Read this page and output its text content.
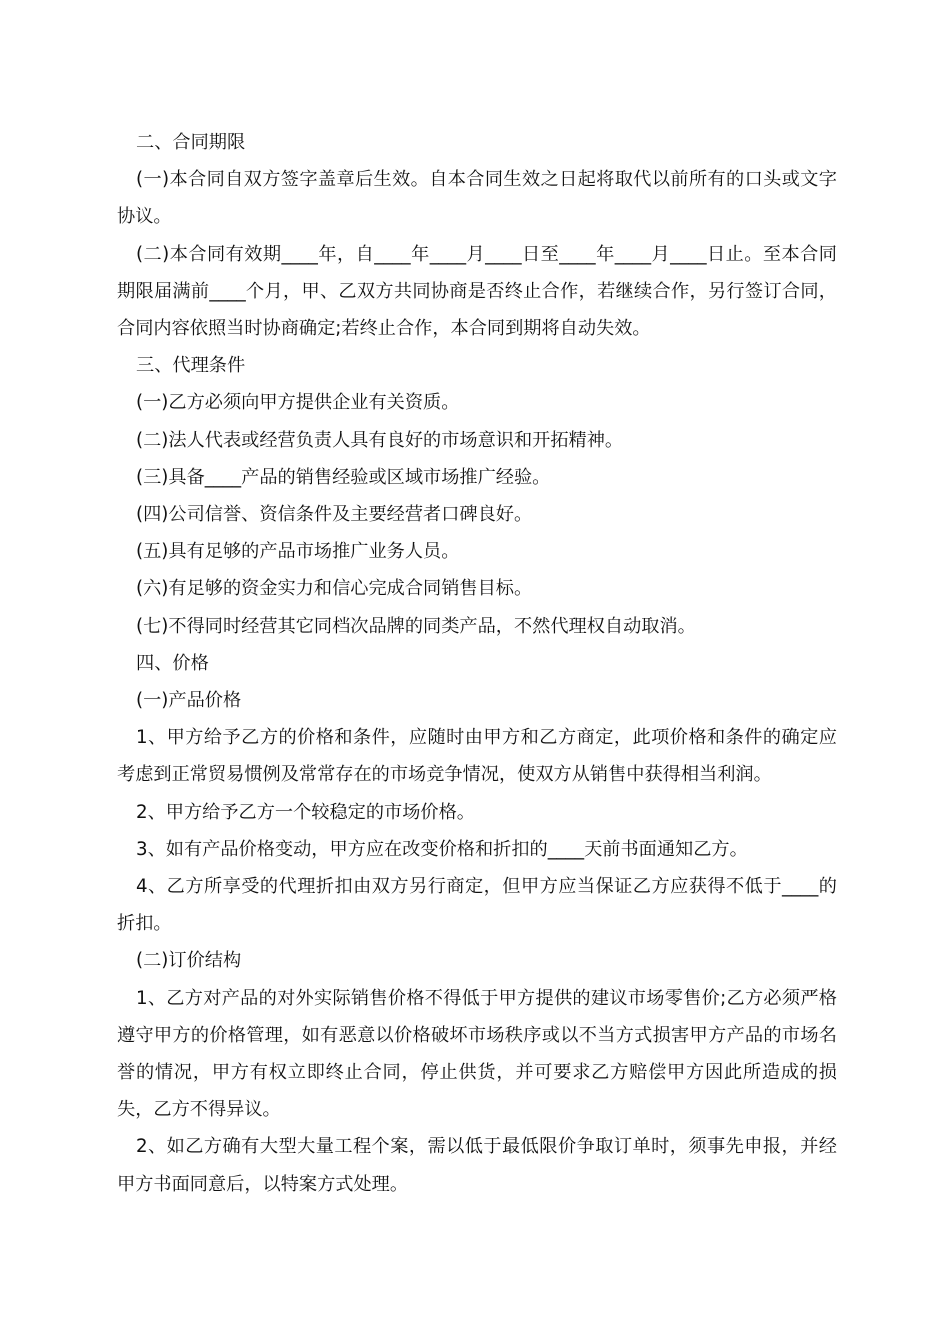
二、合同期限

(一)本合同自双方签字盖章后生效。自本合同生效之日起将取代以前所有的口头或文字协议。

(二)本合同有效期____年，自____年____月____日至____年____月____日止。至本合同期限届满前____个月，甲、乙双方共同协商是否终止合作，若继续合作，另行签订合同，合同内容依照当时协商确定;若终止合作，本合同到期将自动失效。

三、代理条件

(一)乙方必须向甲方提供企业有关资质。

(二)法人代表或经营负责人具有良好的市场意识和开拓精神。

(三)具备____产品的销售经验或区域市场推广经验。

(四)公司信誉、资信条件及主要经营者口碑良好。

(五)具有足够的产品市场推广业务人员。

(六)有足够的资金实力和信心完成合同销售目标。

(七)不得同时经营其它同档次品牌的同类产品，不然代理权自动取消。

四、价格

(一)产品价格

1、甲方给予乙方的价格和条件，应随时由甲方和乙方商定，此项价格和条件的确定应考虑到正常贸易惯例及常常存在的市场竞争情况，使双方从销售中获得相当利润。

2、甲方给予乙方一个较稳定的市场价格。

3、如有产品价格变动，甲方应在改变价格和折扣的____天前书面通知乙方。

4、乙方所享受的代理折扣由双方另行商定，但甲方应当保证乙方应获得不低于____的折扣。

(二)订价结构

1、乙方对产品的对外实际销售价格不得低于甲方提供的建议市场零售价;乙方必须严格遵守甲方的价格管理，如有恶意以价格破坏市场秩序或以不当方式损害甲方产品的市场名誉的情况，甲方有权立即终止合同，停止供货，并可要求乙方赔偿甲方因此所造成的损失，乙方不得异议。

2、如乙方确有大型大量工程个案，需以低于最低限价争取订单时，须事先申报，并经甲方书面同意后，以特案方式处理。
